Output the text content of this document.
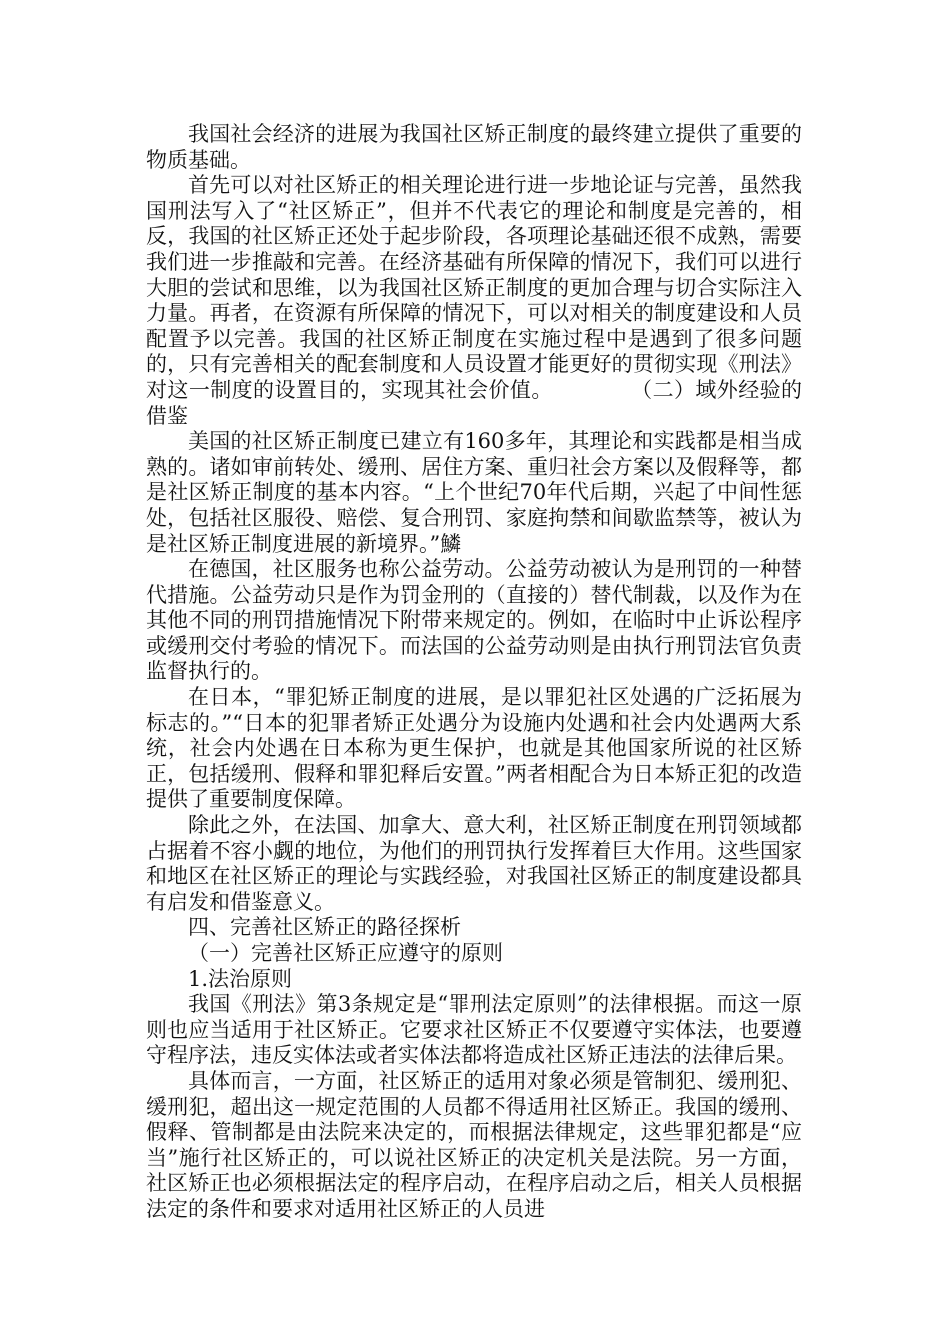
我国社会经济的进展为我国社区矫正制度的最终建立提供了重要的物质基础。

首先可以对社区矫正的相关理论进行进一步地论证与完善，虽然我国刑法写入了“社区矫正”，但并不代表它的理论和制度是完善的，相反，我国的社区矫正还处于起步阶段，各项理论基础还很不成熟，需要我们进一步推敲和完善。在经济基础有所保障的情况下，我们可以进行大胆的尝试和思维，以为我国社区矫正制度的更加合理与切合实际注入力量。再者，在资源有所保障的情况下，可以对相关的制度建设和人员配置予以完善。我国的社区矫正制度在实施过程中是遇到了很多问题的，只有完善相关的配套制度和人员设置才能更好的贯彻实现《刑法》对这一制度的设置目的，实现其社会价值。	（二）域外经验的借鉴

美国的社区矫正制度已建立有160多年，其理论和实践都是相当成熟的。诸如审前转处、缓刑、居住方案、重归社会方案以及假释等，都是社区矫正制度的基本内容。“上个世纪70年代后期，兴起了中间性惩处，包括社区服役、赔偿、复合刑罚、家庭拘禁和间歇监禁等，被认为是社区矫正制度进展的新境界。”鱗

在德国，社区服务也称公益劳动。公益劳动被认为是刑罚的一种替代措施。公益劳动只是作为罚金刑的（直接的）替代制裁，以及作为在其他不同的刑罚措施情况下附带来规定的。例如，在临时中止诉讼程序或缓刑交付考验的情况下。而法国的公益劳动则是由执行刑罚法官负责监督执行的。

在日本，“罪犯矫正制度的进展，是以罪犯社区处遇的广泛拓展为标志的。”“日本的犯罪者矫正处遇分为设施内处遇和社会内处遇两大系统，社会内处遇在日本称为更生保护，也就是其他国家所说的社区矫正，包括缓刑、假释和罪犯释后安置。”两者相配合为日本矫正犯的改造提供了重要制度保障。

除此之外，在法国、加拿大、意大利，社区矫正制度在刑罚领域都占据着不容小觑的地位，为他们的刑罚执行发挥着巨大作用。这些国家和地区在社区矫正的理论与实践经验，对我国社区矫正的制度建设都具有启发和借鉴意义。

四、完善社区矫正的路径探析

（一）完善社区矫正应遵守的原则

1.法治原则

我国《刑法》第3条规定是“罪刑法定原则”的法律根据。而这一原则也应当适用于社区矫正。它要求社区矫正不仅要遵守实体法，也要遵守程序法，违反实体法或者实体法都将造成社区矫正违法的法律后果。

具体而言，一方面，社区矫正的适用对象必须是管制犯、缓刑犯、缓刑犯，超出这一规定范围的人员都不得适用社区矫正。我国的缓刑、假释、管制都是由法院来决定的，而根据法律规定，这些罪犯都是“应当”施行社区矫正的，可以说社区矫正的决定机关是法院。另一方面，社区矫正也必须根据法定的程序启动，在程序启动之后，相关人员根据法定的条件和要求对适用社区矫正的人员进
